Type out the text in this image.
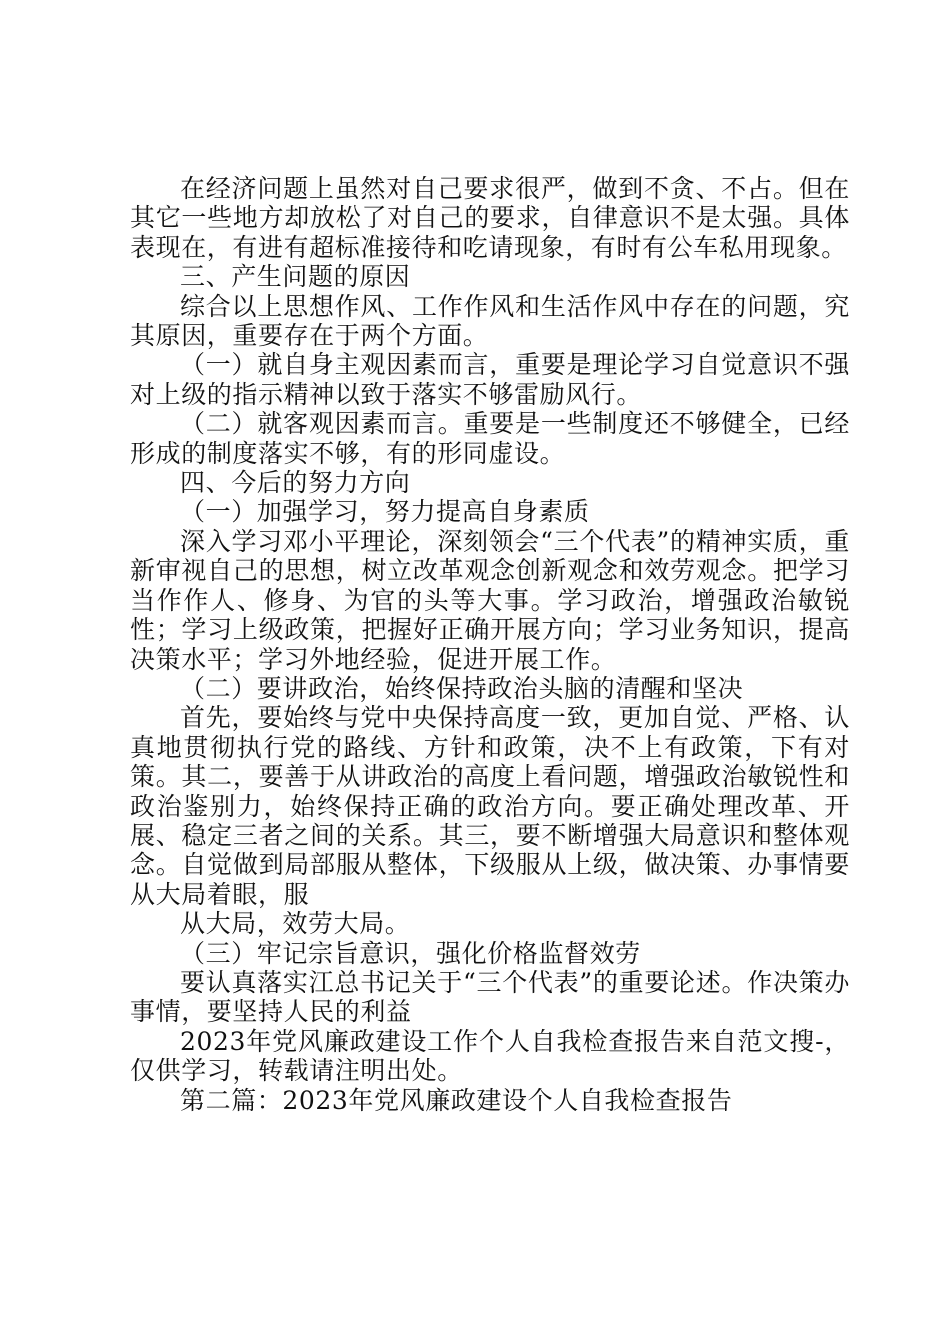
在经济问题上虽然对自己要求很严，做到不贪、不占。但在其它一些地方却放松了对自己的要求，自律意识不是太强。具体表现在，有进有超标准接待和吃请现象，有时有公车私用现象。

三、产生问题的原因

综合以上思想作风、工作作风和生活作风中存在的问题，究其原因，重要存在于两个方面。

（一）就自身主观因素而言，重要是理论学习自觉意识不强对上级的指示精神以致于落实不够雷励风行。

（二）就客观因素而言。重要是一些制度还不够健全，已经形成的制度落实不够，有的形同虚设。

四、今后的努力方向

（一）加强学习，努力提高自身素质

深入学习邓小平理论，深刻领会“三个代表”的精神实质，重新审视自己的思想，树立改革观念创新观念和效劳观念。把学习当作作人、修身、为官的头等大事。学习政治，增强政治敏锐性；学习上级政策，把握好正确开展方向；学习业务知识，提高决策水平；学习外地经验，促进开展工作。

（二）要讲政治，始终保持政治头脑的清醒和坚决

首先，要始终与党中央保持高度一致，更加自觉、严格、认真地贯彻执行党的路线、方针和政策，决不上有政策，下有对策。其二，要善于从讲政治的高度上看问题，增强政治敏锐性和政治鉴别力，始终保持正确的政治方向。要正确处理改革、开展、稳定三者之间的关系。其三，要不断增强大局意识和整体观念。自觉做到局部服从整体，下级服从上级，做决策、办事情要从大局着眼，服

从大局，效劳大局。

（三）牢记宗旨意识，强化价格监督效劳

要认真落实江总书记关于“三个代表”的重要论述。作决策办事情，要坚持人民的利益

2023年党风廉政建设工作个人自我检查报告来自范文搜-，仅供学习，转载请注明出处。

第二篇：2023年党风廉政建设个人自我检查报告
